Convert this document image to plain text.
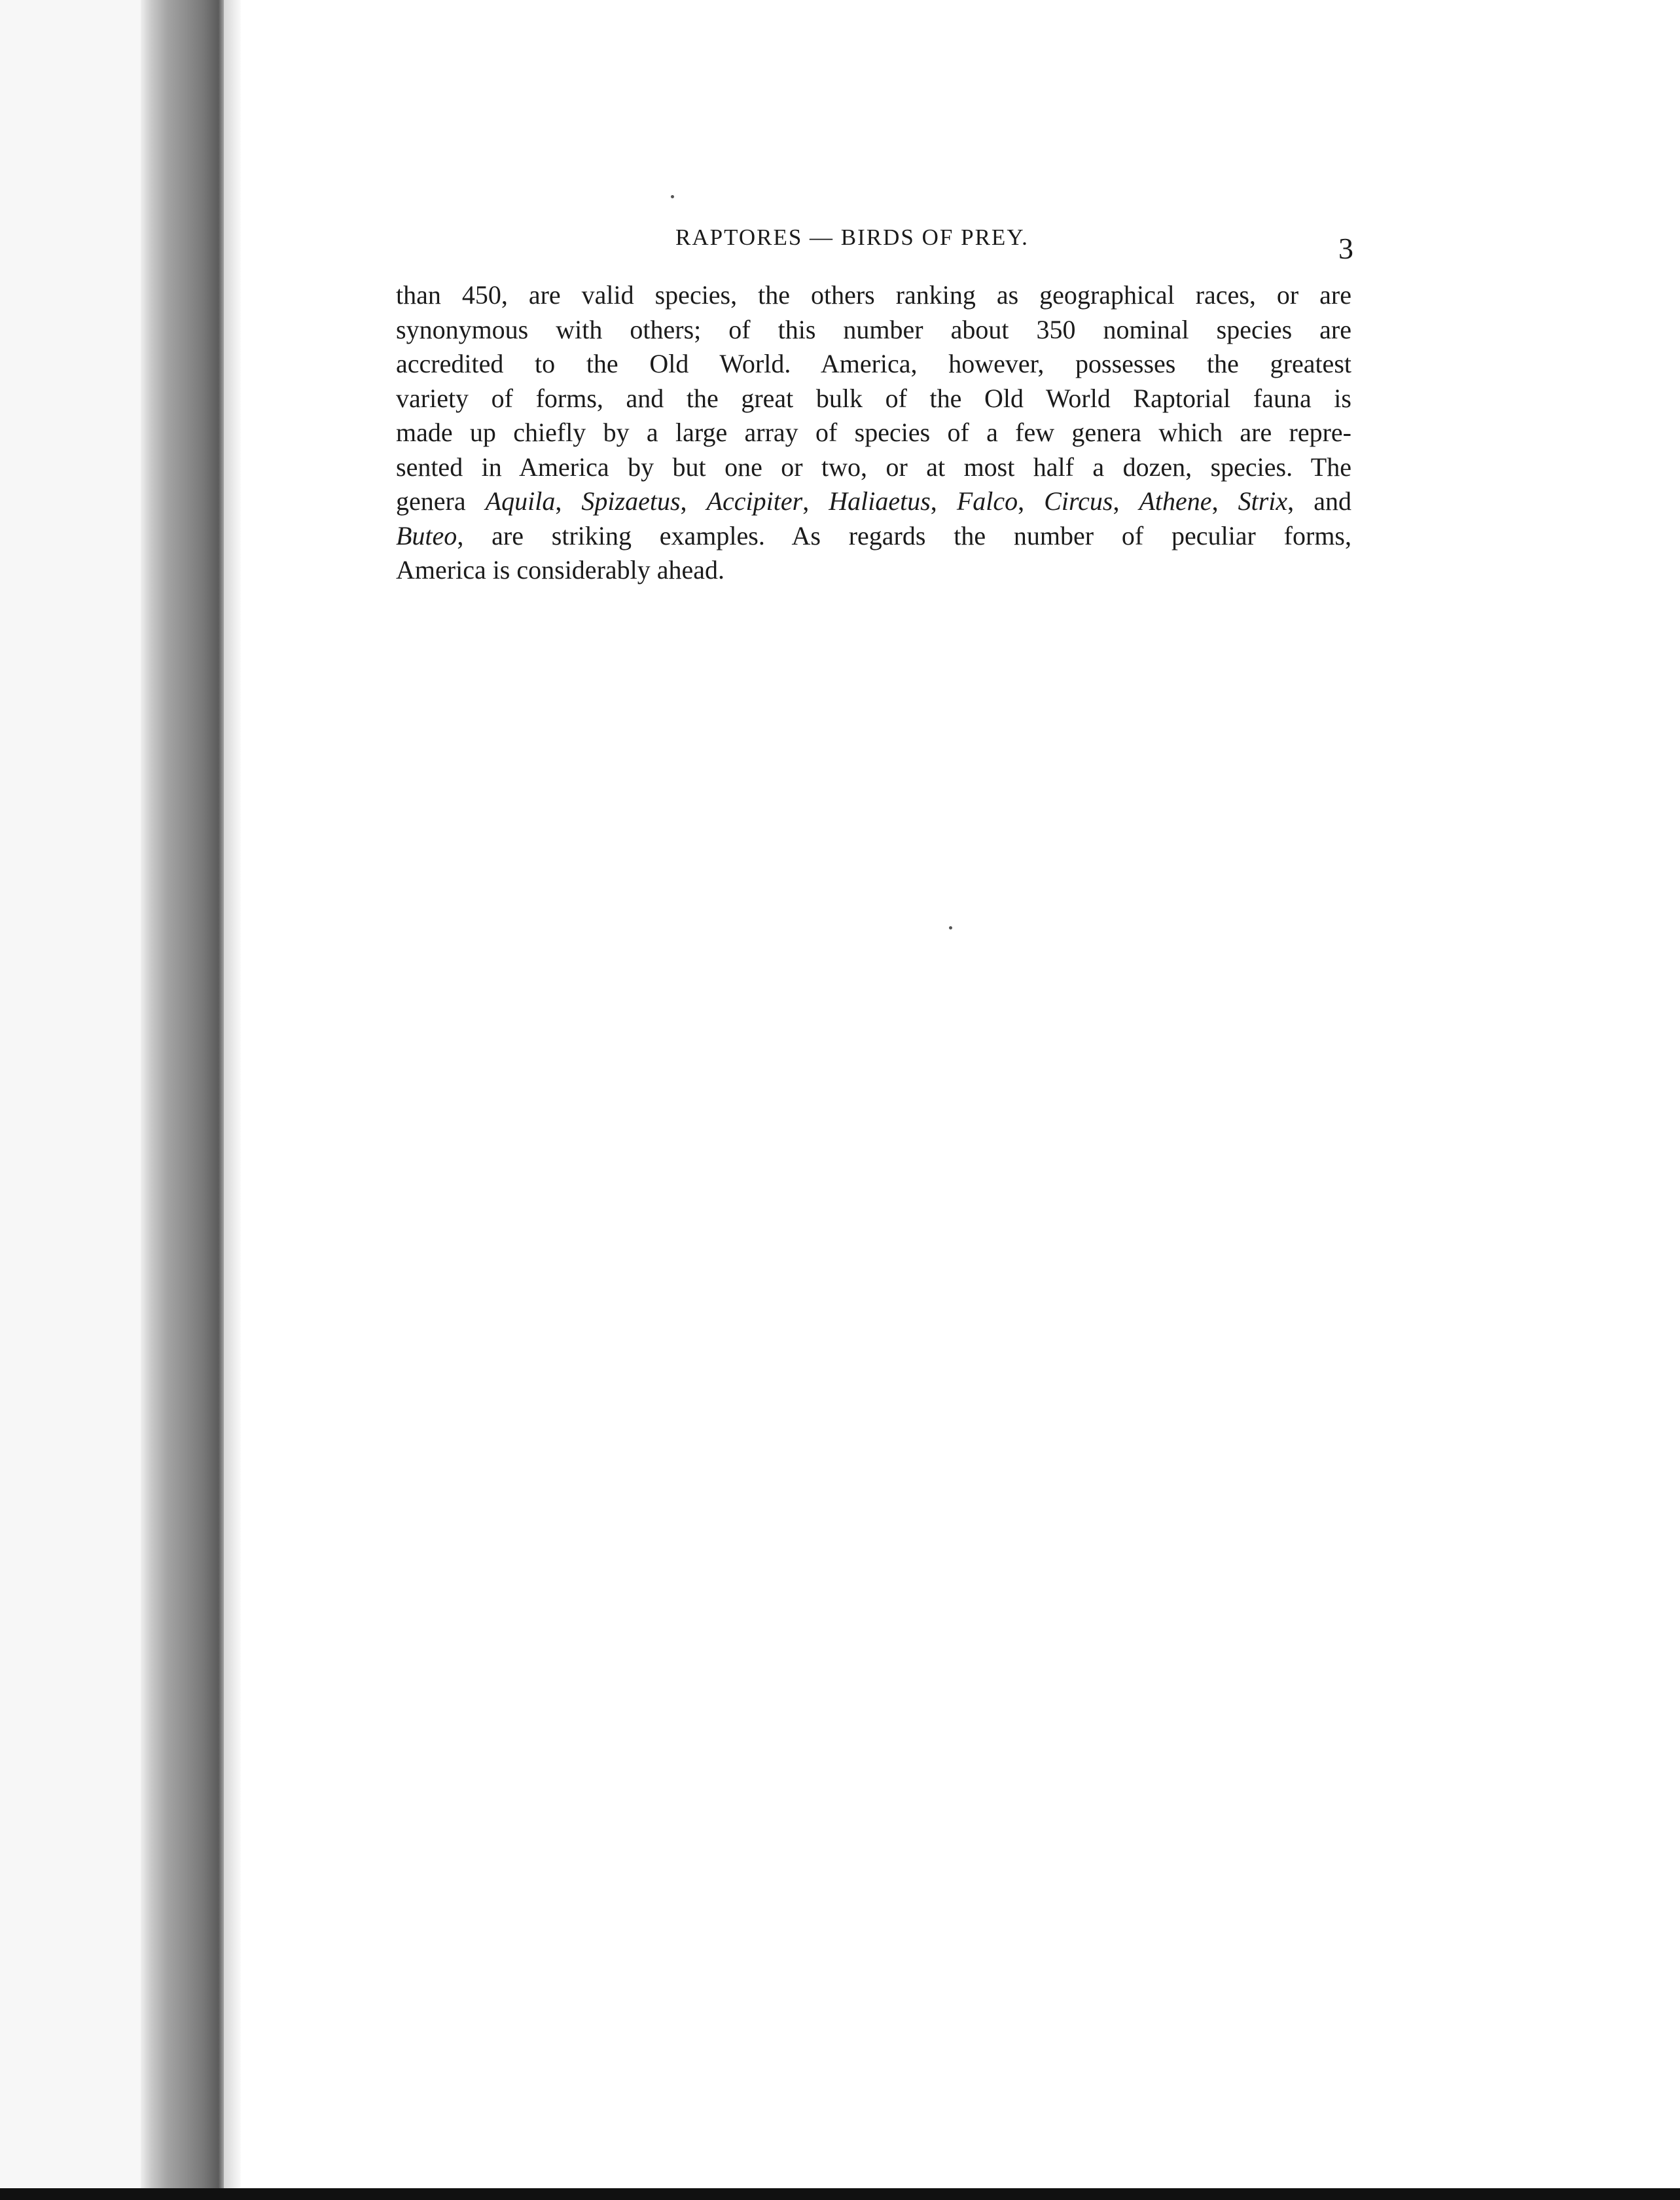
RAPTORES — BIRDS OF PREY.	3
than 450, are valid species, the others ranking as geographical races, or are
synonymous with others; of this number about 350 nominal species are
accredited to the Old World. America, however, possesses the greatest
variety of forms, and the great bulk of the Old World Raptorial fauna is
made up chiefly by a large array of species of a few genera which are repre-
sented in America by but one or two, or at most half a dozen, species. The
genera Aquila, Spizaetus, Accipiter, Haliaetus, Falco, Circus, Athene, Strix, and
Buteo, are striking examples. As regards the number of peculiar forms,
America is considerably ahead.
